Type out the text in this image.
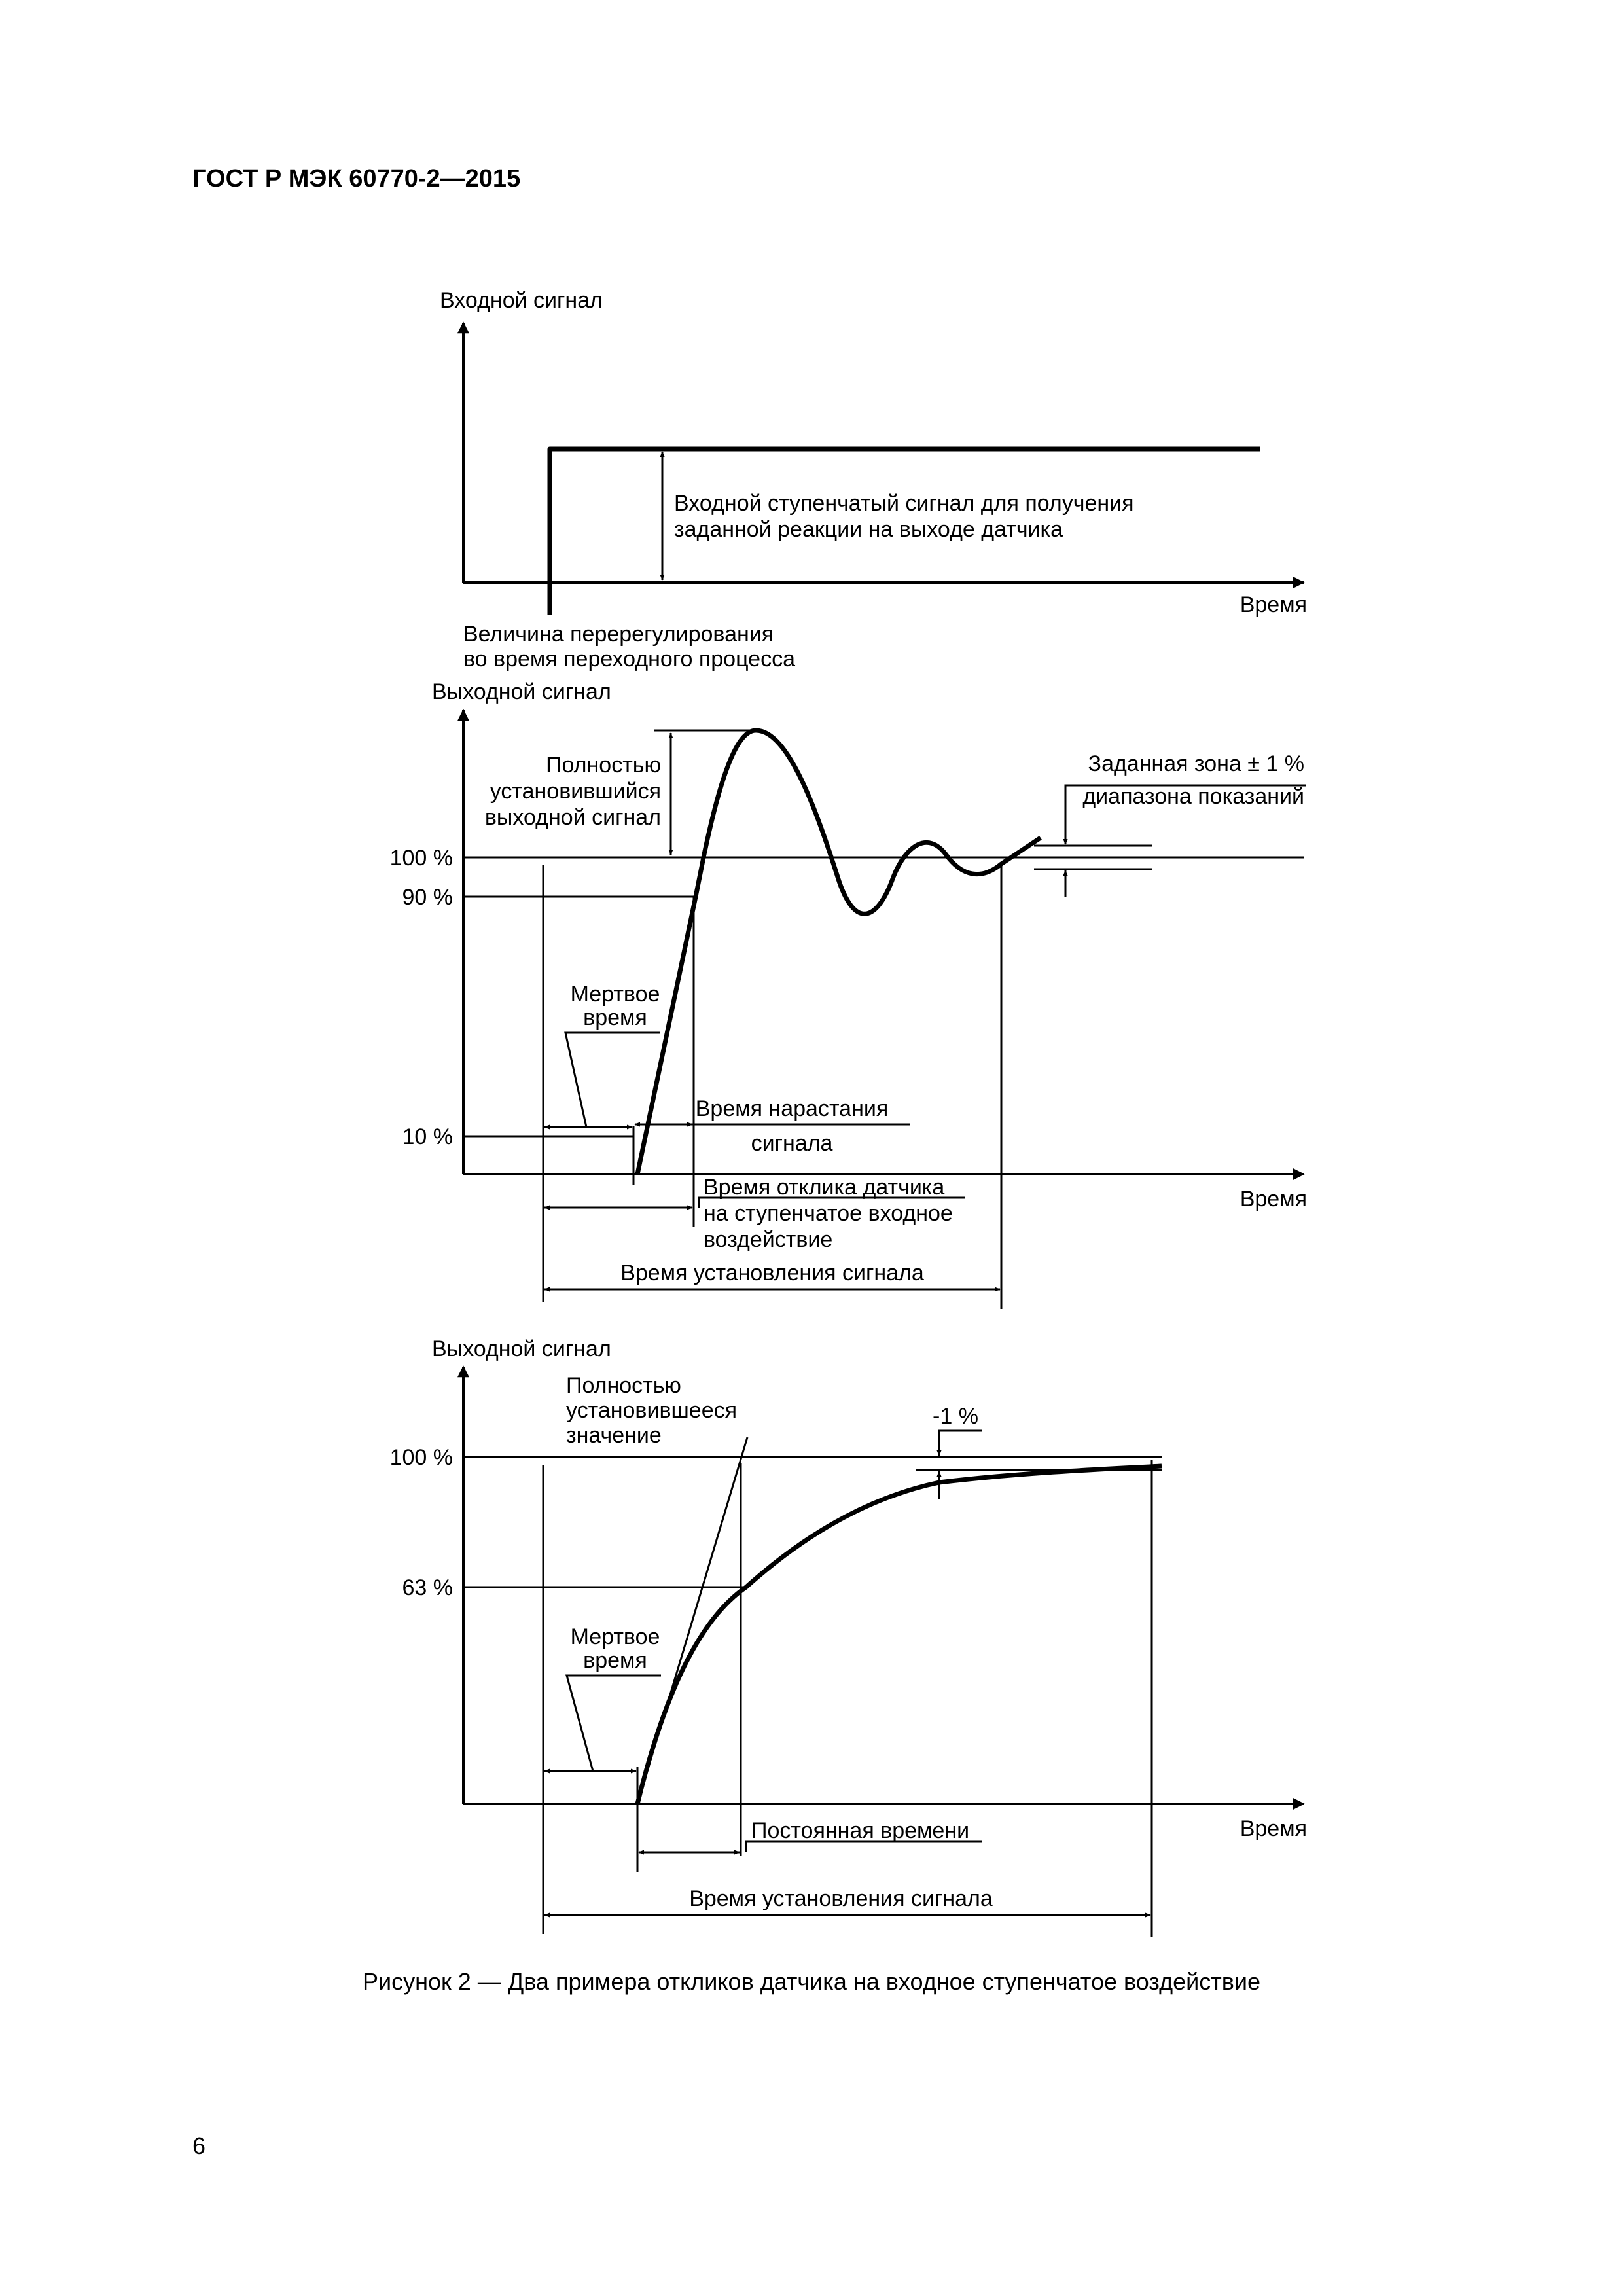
ГОСТ Р МЭК 60770-2—2015
Входной сигнал
Время
Входной ступенчатый сигнал для получения
заданной реакции на выходе датчика
Величина перерегулирования
во время переходного процесса
Выходной сигнал
Время
100 %
90 %
10 %
Полностью
установившийся
выходной сигнал
Заданная зона ± 1 %
диапазона показаний
Мертвое
время
Время нарастания
сигнала
Время отклика датчика
на ступенчатое входное
воздействие
Время установления сигнала
Выходной сигнал
Время
100 %
63 %
Полностью
установившееся
значение
-1 %
Мертвое
время
Постоянная времени
Время установления сигнала
Рисунок 2 — Два примера откликов датчика на входное ступенчатое воздействие
6
